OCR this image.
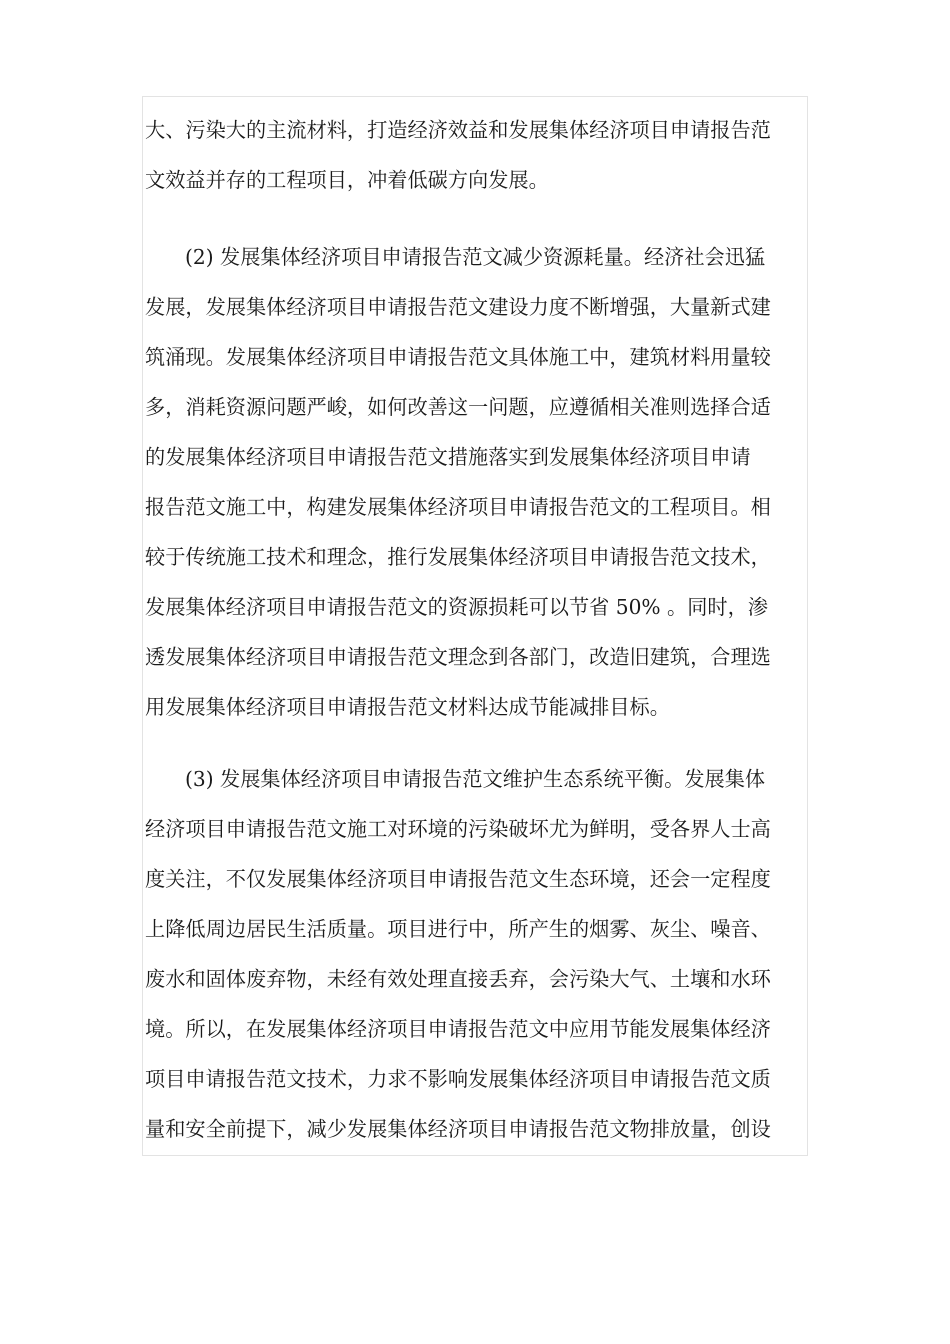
大、污染大的主流材料，打造经济效益和发展集体经济项目申请报告范
文效益并存的工程项目，冲着低碳方向发展。
(2) 发展集体经济项目申请报告范文减少资源耗量。经济社会迅猛
发展，发展集体经济项目申请报告范文建设力度不断增强，大量新式建
筑涌现。发展集体经济项目申请报告范文具体施工中，建筑材料用量较
多，消耗资源问题严峻，如何改善这一问题，应遵循相关准则选择合适
的发展集体经济项目申请报告范文措施落实到发展集体经济项目申请
报告范文施工中，构建发展集体经济项目申请报告范文的工程项目。相
较于传统施工技术和理念，推行发展集体经济项目申请报告范文技术，
发展集体经济项目申请报告范文的资源损耗可以节省 50% 。同时，渗
透发展集体经济项目申请报告范文理念到各部门，改造旧建筑，合理选
用发展集体经济项目申请报告范文材料达成节能减排目标。
(3) 发展集体经济项目申请报告范文维护生态系统平衡。发展集体
经济项目申请报告范文施工对环境的污染破坏尤为鲜明，受各界人士高
度关注，不仅发展集体经济项目申请报告范文生态环境，还会一定程度
上降低周边居民生活质量。项目进行中，所产生的烟雾、灰尘、噪音、
废水和固体废弃物，未经有效处理直接丢弃，会污染大气、土壤和水环
境。所以，在发展集体经济项目申请报告范文中应用节能发展集体经济
项目申请报告范文技术，力求不影响发展集体经济项目申请报告范文质
量和安全前提下，减少发展集体经济项目申请报告范文物排放量，创设
